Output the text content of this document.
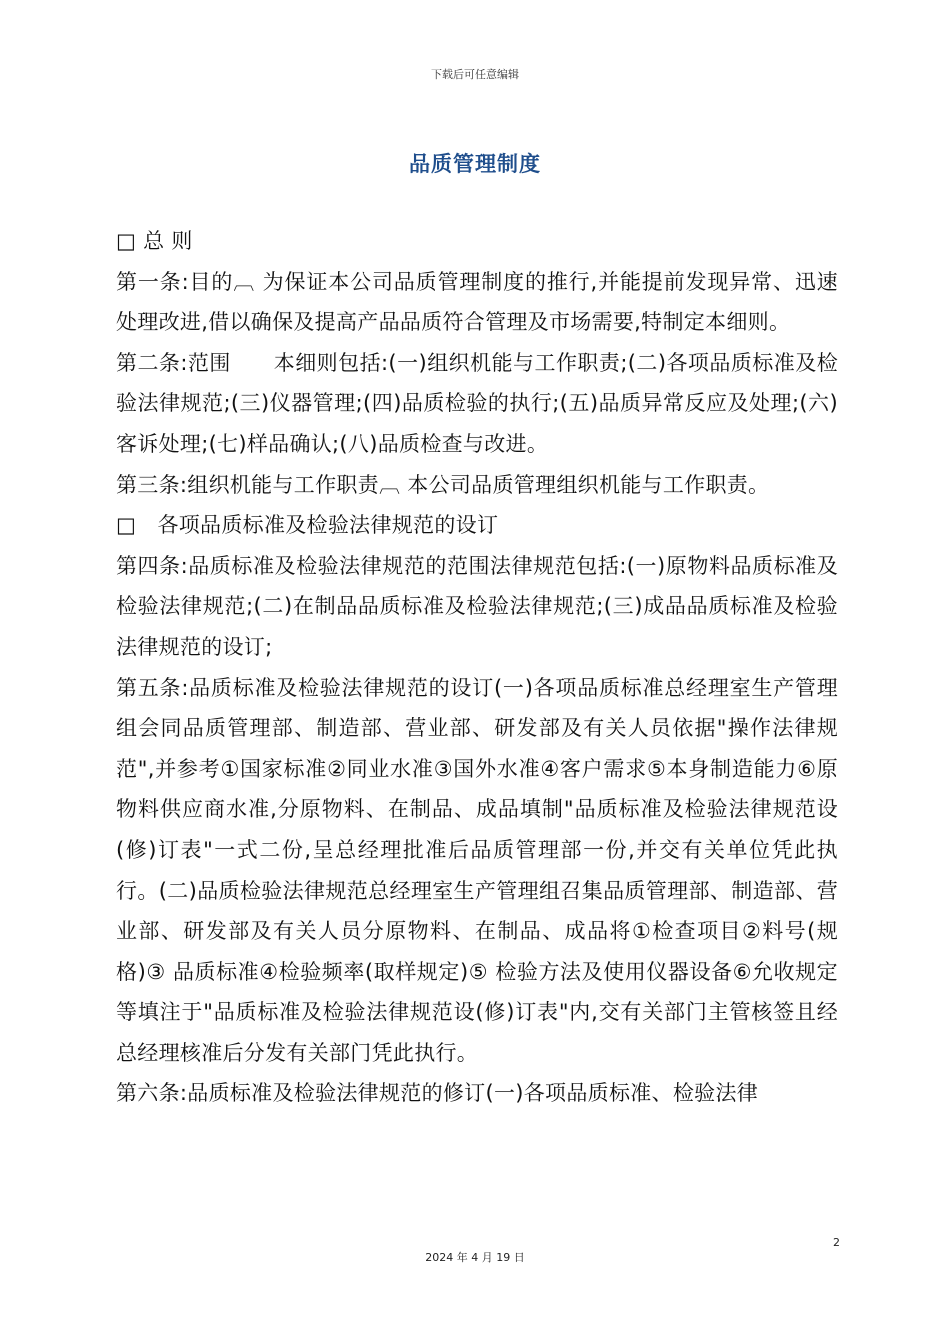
下载后可任意编辑
品质管理制度

□ 总 则

第一条:目的︹ 为保证本公司品质管理制度的推行,并能提前发现异常、迅速处理改进,借以确保及提高产品品质符合管理及市场需要,特制定本细则。

第二条:范围　　本细则包括:(一)组织机能与工作职责;(二)各项品质标准及检验法律规范;(三)仪器管理;(四)品质检验的执行;(五)品质异常反应及处理;(六)客诉处理;(七)样品确认;(八)品质检查与改进。

第三条:组织机能与工作职责︹ 本公司品质管理组织机能与工作职责。

□　各项品质标准及检验法律规范的设订

第四条:品质标准及检验法律规范的范围法律规范包括:(一)原物料品质标准及检验法律规范;(二)在制品品质标准及检验法律规范;(三)成品品质标准及检验法律规范的设订;

第五条:品质标准及检验法律规范的设订(一)各项品质标准总经理室生产管理组会同品质管理部、制造部、营业部、研发部及有关人员依据"操作法律规范",并参考①国家标准②同业水准③国外水准④客户需求⑤本身制造能力⑥原物料供应商水准,分原物料、在制品、成品填制"品质标准及检验法律规范设(修)订表"一式二份,呈总经理批准后品质管理部一份,并交有关单位凭此执行。(二)品质检验法律规范总经理室生产管理组召集品质管理部、制造部、营业部、研发部及有关人员分原物料、在制品、成品将①检查项目②料号(规格)③ 品质标准④检验频率(取样规定)⑤ 检验方法及使用仪器设备⑥允收规定等填注于"品质标准及检验法律规范设(修)订表"内,交有关部门主管核签且经总经理核准后分发有关部门凭此执行。

第六条:品质标准及检验法律规范的修订(一)各项品质标准、检验法律

2
2024 年 4 月 19 日
